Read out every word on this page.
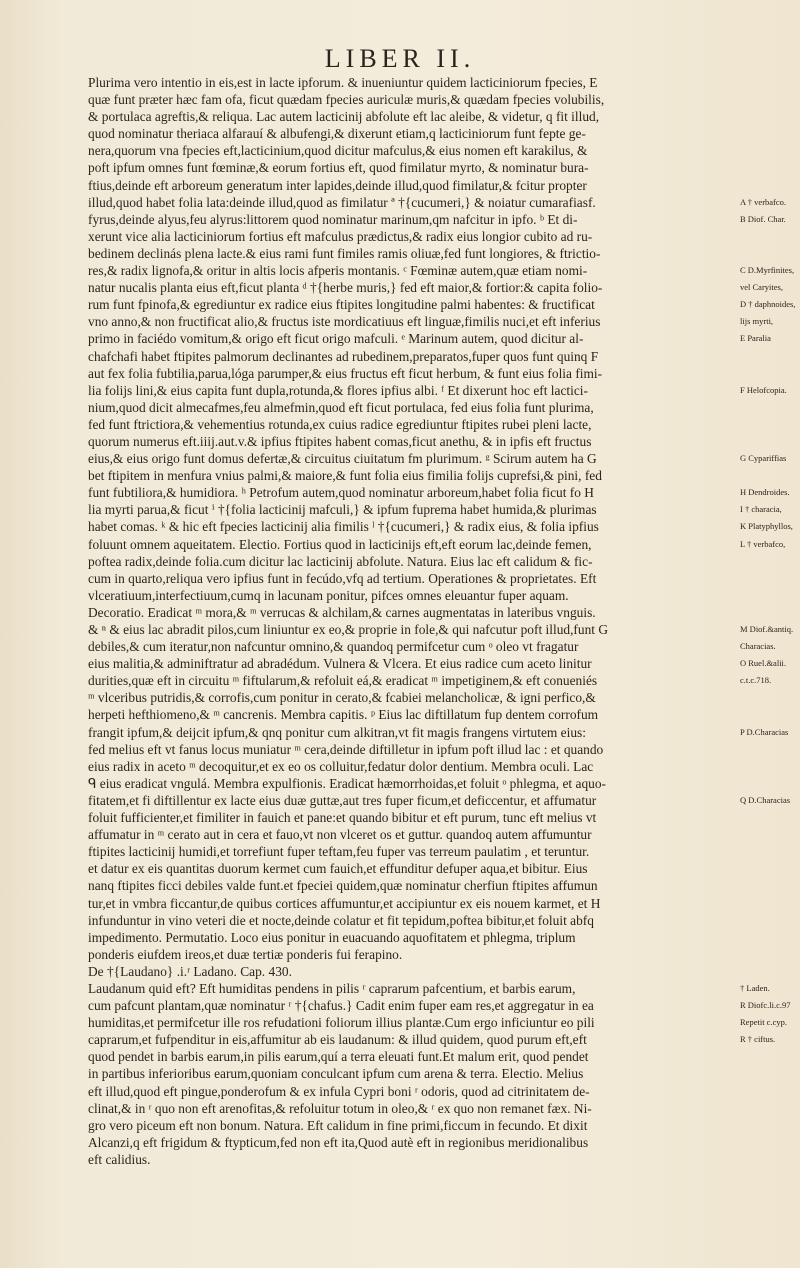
LIBER II.
Plurima vero intentio in eis,est in lacte ipforum. & inueniuntur quidem lacticiniorum fpecies, E
quæ funt præter hæc fam ofa, ficut quædam fpecies auriculæ muris,& quædam fpecies volubilis,
& portulaca agreftis,& reliqua. Lac autem lacticinij abfolute eft lac aleibe, & videtur, q fit illud,
quod nominatur theriaca alfarauí & albufengi,& dixerunt etiam,q lacticiniorum funt fepte ge-
nera,quorum vna fpecies eft,lacticinium,quod dicitur mafculus,& eius nomen eft karakilus, &
poft ipfum omnes funt fœminæ,& eorum fortius eft, quod fimilatur myrto, & nominatur bura-
ftius,deinde eft arboreum generatum inter lapides,deinde illud,quod fimilatur,& fcitur propter
illud,quod habet folia lata:deinde illud,quod as fimilatur ª †{cucumeri,} & noiatur cumarafiasf.
fyrus,deinde alyus,feu alyrus:littorem quod nominatur marinum,qm nafcitur in ipfo. ᵇ Et di-
xerunt vice alia lacticiniorum fortius eft mafculus prædictus,& radix eius longior cubito ad ru-
bedinem declinás plena lacte.& eius rami funt fimiles ramis oliuæ,fed funt longiores, & ftrictio-
res,& radix lignofa,& oritur in altis locis afperis montanis. ᶜ Fœminæ autem,quæ etiam nomi-
natur nucalis planta eius eft,ficut planta ᵈ †{herbe muris,} fed eft maior,& fortior:& capita folio-
rum funt fpinofa,& egrediuntur ex radice eius ftipites longitudine palmi habentes: & fructificat
vno anno,& non fructificat alio,& fructus iste mordicatiuus eft linguæ,fimilis nuci,et eft inferius
primo in faciédo vomitum,& origo eft ficut origo mafculi. ᵉ Marinum autem, quod dicitur al-
chafchafi habet ftipites palmorum declinantes ad rubedinem,preparatos,fuper quos funt quinq F
aut fex folia fubtilia,parua,lóga parumper,& eius fructus eft ficut herbum, & funt eius folia fimi-
lia folijs lini,& eius capita funt dupla,rotunda,& flores ipfius albi. ᶠ Et dixerunt hoc eft lactici-
nium,quod dicit almecafmes,feu almefmin,quod eft ficut portulaca, fed eius folia funt plurima,
fed funt ftrictiora,& vehementius rotunda,ex cuius radice egrediuntur ftipites rubei pleni lacte,
quorum numerus eft.iiij.aut.v.& ipfius ftipites habent comas,ficut anethu, & in ipfis eft fructus
eius,& eius origo funt domus defertæ,& circuitus ciuitatum fm plurimum. ᵍ Scirum autem ha G
bet ftipitem in menfura vnius palmi,& maiore,& funt folia eius fimilia folijs cuprefsi,& pini, fed
funt fubtiliora,& humidiora. ʰ Petrofum autem,quod nominatur arboreum,habet folia ficut fo H
lia myrti parua,& ficut ⁱ †{folia lacticinij mafculi,} & ipfum fuprema habet humida,& plurimas
habet comas. ᵏ & hic eft fpecies lacticinij alia fimilis ˡ †{cucumeri,} & radix eius, & folia ipfius
foluunt omnem aqueitatem. Electio. Fortius quod in lacticinijs eft,eft eorum lac,deinde femen,
poftea radix,deinde folia.cum dicitur lac lacticinij abfolute. Natura. Eius lac eft calidum & fic-
cum in quarto,reliqua vero ipfius funt in fecúdo,vfq ad tertium. Operationes & proprietates. Eft
vlceratiuum,interfectiuum,cumq in lacunam ponitur, pifces omnes eleuantur fuper aquam.
Decoratio. Eradicat ᵐ mora,& ᵐ verrucas & alchilam,& carnes augmentatas in lateribus vnguis.
& ⁿ & eius lac abradit pilos,cum liniuntur ex eo,& proprie in fole,& qui nafcutur poft illud,funt G
debiles,& cum iteratur,non nafcuntur omnino,& quandoq permifcetur cum ᵒ oleo vt fragatur
eius malitia,& adminiftratur ad abradédum. Vulnera & Vlcera. Et eius radice cum aceto linitur
durities,quæ eft in circuitu ᵐ fiftularum,& refoluit eá,& eradicat ᵐ impetiginem,& eft conueniés
ᵐ vlceribus putridis,& corrofis,cum ponitur in cerato,& fcabiei melancholicæ, & igni perfico,&
herpeti hefthiomeno,& ᵐ cancrenis. Membra capitis. ᵖ Eius lac diftillatum fup dentem corrofum
frangit ipfum,& deijcit ipfum,& qnq ponitur cum alkitran,vt fit magis frangens virtutem eius:
fed melius eft vt fanus locus muniatur ᵐ cera,deinde diftilletur in ipfum poft illud lac : et quando
eius radix in aceto ᵐ decoquitur,et ex eo os colluitur,fedatur dolor dentium. Membra oculi. Lac
ᑫ eius eradicat vngulá. Membra expulfionis. Eradicat hæmorrhoidas,et foluit ᵒ phlegma, et aquo-
fitatem,et fi diftillentur ex lacte eius duæ guttæ,aut tres fuper ficum,et deficcentur, et affumatur
foluit fufficienter,et fimiliter in fauich et pane:et quando bibitur et eft purum, tunc eft melius vt
affumatur in ᵐ cerato aut in cera et fauo,vt non vlceret os et guttur. quandoq autem affumuntur
ftipites lacticinij humidi,et torrefiunt fuper teftam,feu fuper vas terreum paulatim , et teruntur.
et datur ex eis quantitas duorum kermet cum fauich,et effunditur defuper aqua,et bibitur. Eius
nanq ftipites ficci debiles valde funt.et fpeciei quidem,quæ nominatur cherfiun ftipites affumun
tur,et in vmbra ficcantur,de quibus cortices affumuntur,et accipiuntur ex eis nouem karmet, et H
infunduntur in vino veteri die et nocte,deinde colatur et fit tepidum,poftea bibitur,et foluit abfq
impedimento. Permutatio. Loco eius ponitur in euacuando aquofitatem et phlegma, triplum
ponderis eiufdem ireos,et duæ tertiæ ponderis fui ferapino.
De †{Laudano} .i.ʳ Ladano. Cap. 430.
Laudanum quid eft? Eft humiditas pendens in pilis ʳ caprarum pafcentium, et barbis earum,
cum pafcunt plantam,quæ nominatur ʳ †{chafus.} Cadit enim fuper eam res,et aggregatur in ea
humiditas,et permifcetur ille ros refudationi foliorum illius plantæ.Cum ergo inficiuntur eo pili
caprarum,et fufpenditur in eis,affumitur ab eis laudanum: & illud quidem, quod purum eft,eft
quod pendet in barbis earum,in pilis earum,quí a terra eleuati funt.Et malum erit, quod pendet
in partibus inferioribus earum,quoniam conculcant ipfum cum arena & terra. Electio. Melius
eft illud,quod eft pingue,ponderofum & ex infula Cypri boni ʳ odoris, quod ad citrinitatem de-
clinat,& in ʳ quo non eft arenofitas,& refoluitur totum in oleo,& ʳ ex quo non remanet fæx. Ni-
gro vero piceum eft non bonum. Natura. Eft calidum in fine primi,ficcum in fecundo. Et dixit
Alcanzi,q eft frigidum & ftypticum,fed non eft ita,Quod autè eft in regionibus meridionalibus
eft calidius.
A † verbafco.
B Diof. Char.
C D.Myrfinites,
vel Caryites,
D † daphnoides,
lijs myrti,
E Paralia
F Helofcopia.
G Cypariffias
H Dendroides.
I † characia,
K Platyphyllos,
L † verbafco,
M Diof.&antiq.
Characias.
O Ruel.&alii.
c.t.c.718.
P D.Characias
Q D.Characias
† Laden.
R Diofc.li.c.97
Repetit c.cyp.
R † ciftus.
